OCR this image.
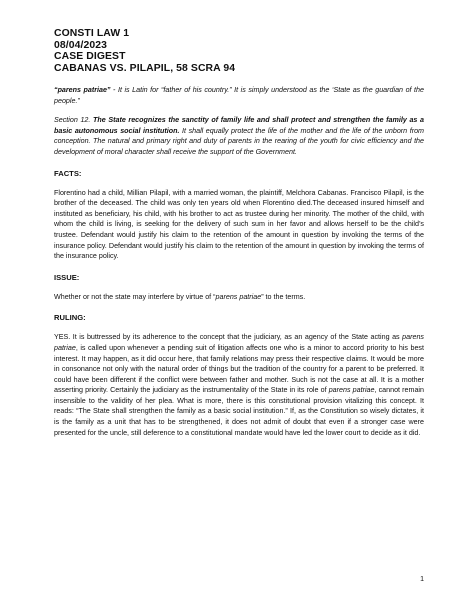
CONSTI LAW 1
08/04/2023
CASE DIGEST
CABANAS VS. PILAPIL, 58 SCRA 94

“parens patriae” - It is Latin for “father of his country.” It is simply understood as the ‘State as the guardian of the people.”

Section 12. The State recognizes the sanctity of family life and shall protect and strengthen the family as a basic autonomous social institution. It shall equally protect the life of the mother and the life of the unborn from conception. The natural and primary right and duty of parents in the rearing of the youth for civic efficiency and the development of moral character shall receive the support of the Government.

FACTS:

Florentino had a child, Millian Pilapil, with a married woman, the plaintiff, Melchora Cabanas. Francisco Pilapil, is the brother of the deceased. The child was only ten years old when Florentino died.The deceased insured himself and instituted as beneficiary, his child, with his brother to act as trustee during her minority. The mother of the child, with whom the child is living, is seeking for the delivery of such sum in her favor and allows herself to be the child’s trustee. Defendant would justify his claim to the retention of the amount in question by invoking the terms of the insurance policy. Defendant would justify his claim to the retention of the amount in question by invoking the terms of the insurance policy.

ISSUE:

Whether or not the state may interfere by virtue of “parens patriae” to the terms.

RULING:

YES. It is buttressed by its adherence to the concept that the judiciary, as an agency of the State acting as parens patriae, is called upon whenever a pending suit of litigation affects one who is a minor to accord priority to his best interest. It may happen, as it did occur here, that family relations may press their respective claims. It would be more in consonance not only with the natural order of things but the tradition of the country for a parent to be preferred. It could have been different if the conflict were between father and mother. Such is not the case at all. It is a mother asserting priority. Certainly the judiciary as the instrumentality of the State in its role of parens patriae, cannot remain insensible to the validity of her plea. What is more, there is this constitutional provision vitalizing this concept. It reads: “The State shall strengthen the family as a basic social institution.” If, as the Constitution so wisely dictates, it is the family as a unit that has to be strengthened, it does not admit of doubt that even if a stronger case were presented for the uncle, still deference to a constitutional mandate would have led the lower court to decide as it did.

1
